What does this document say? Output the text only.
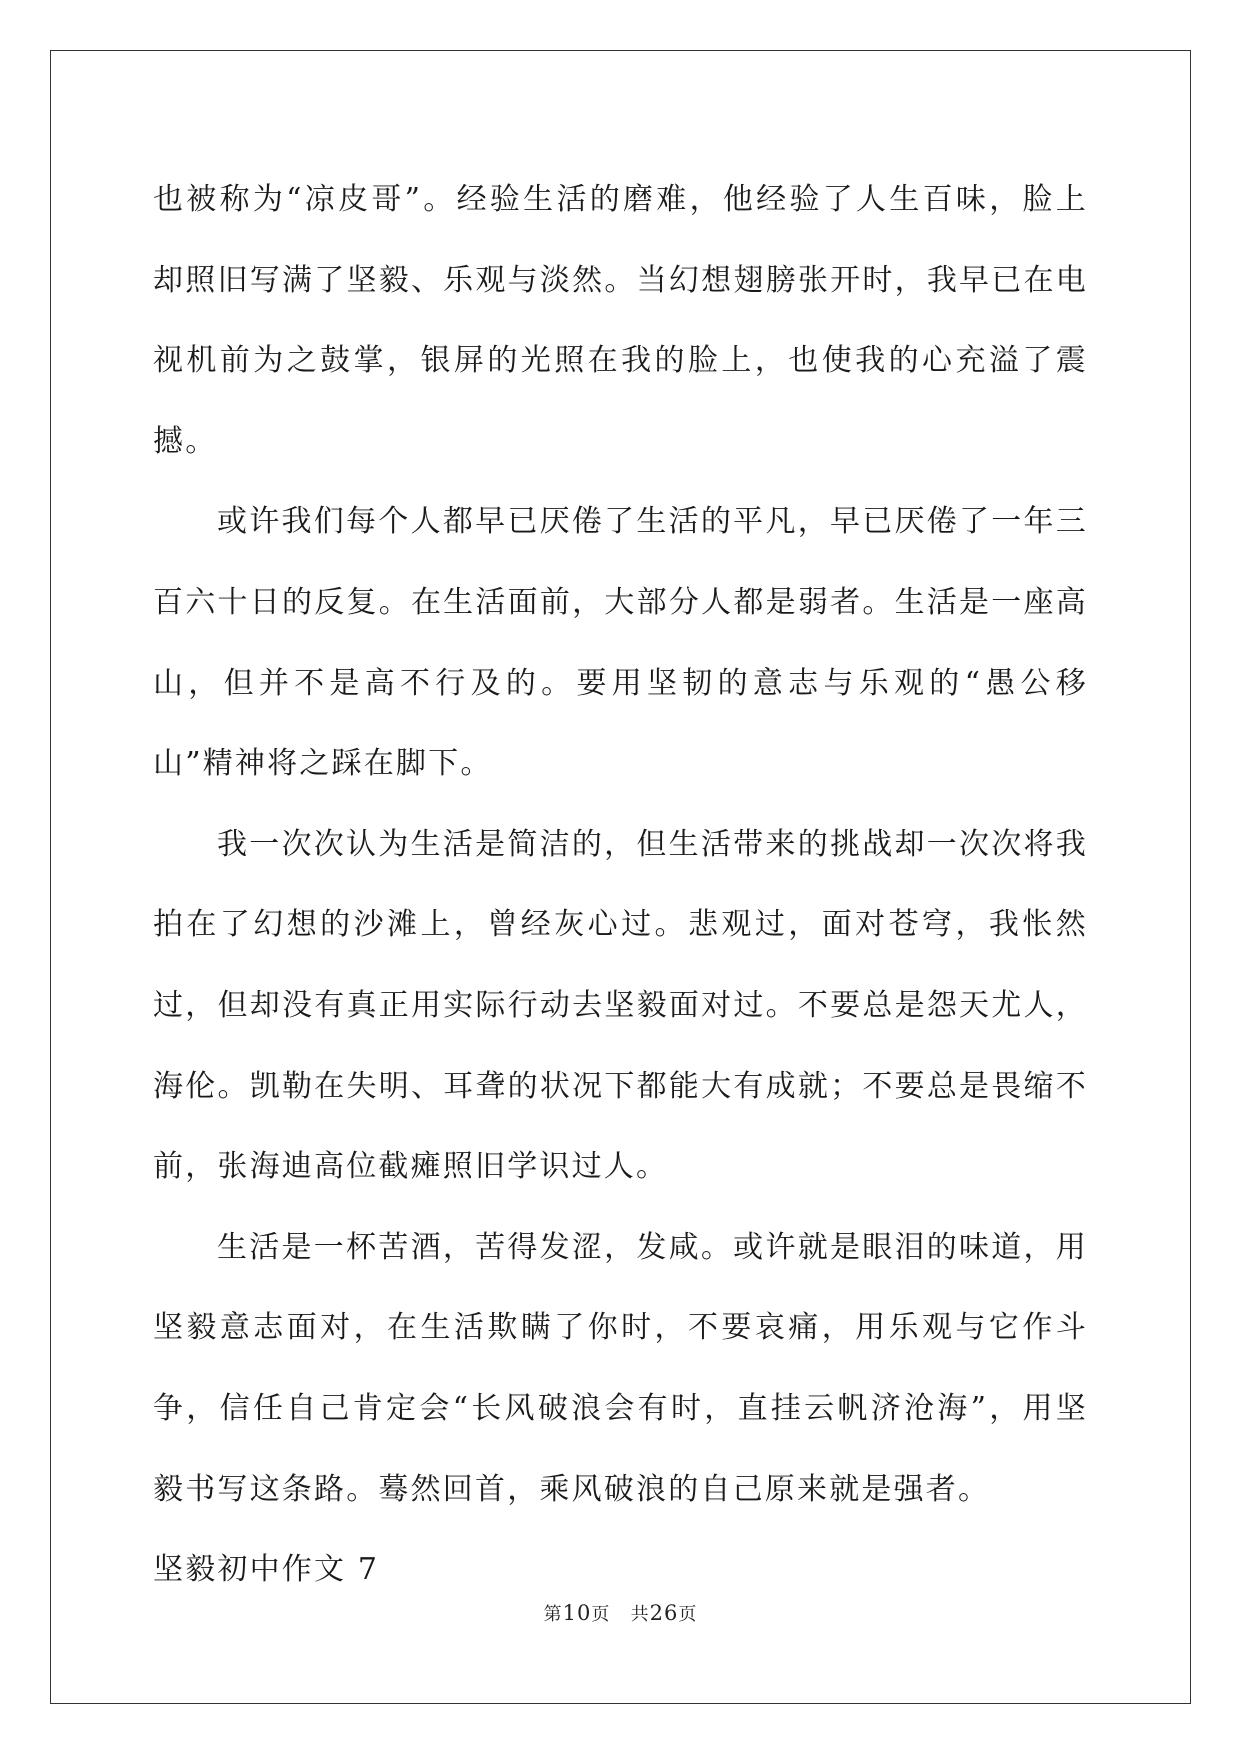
也被称为“凉皮哥”。经验生活的磨难，他经验了人生百味，脸上却照旧写满了坚毅、乐观与淡然。当幻想翅膀张开时，我早已在电视机前为之鼓掌，银屏的光照在我的脸上，也使我的心充溢了震撼。

或许我们每个人都早已厌倦了生活的平凡，早已厌倦了一年三百六十日的反复。在生活面前，大部分人都是弱者。生活是一座高山，但并不是高不行及的。要用坚韧的意志与乐观的“愚公移山”精神将之踩在脚下。

我一次次认为生活是简洁的，但生活带来的挑战却一次次将我拍在了幻想的沙滩上，曾经灰心过。悲观过，面对苍穹，我怅然过，但却没有真正用实际行动去坚毅面对过。不要总是怨天尤人，海伦。凯勒在失明、耳聋的状况下都能大有成就；不要总是畏缩不前，张海迪高位截瘫照旧学识过人。

生活是一杯苦酒，苦得发涩，发咸。或许就是眼泪的味道，用坚毅意志面对，在生活欺瞒了你时，不要哀痛，用乐观与它作斗争，信任自己肯定会“长风破浪会有时，直挂云帆济沧海”，用坚毅书写这条路。蓦然回首，乘风破浪的自己原来就是强者。

坚毅初中作文 7

第10页 共26页
